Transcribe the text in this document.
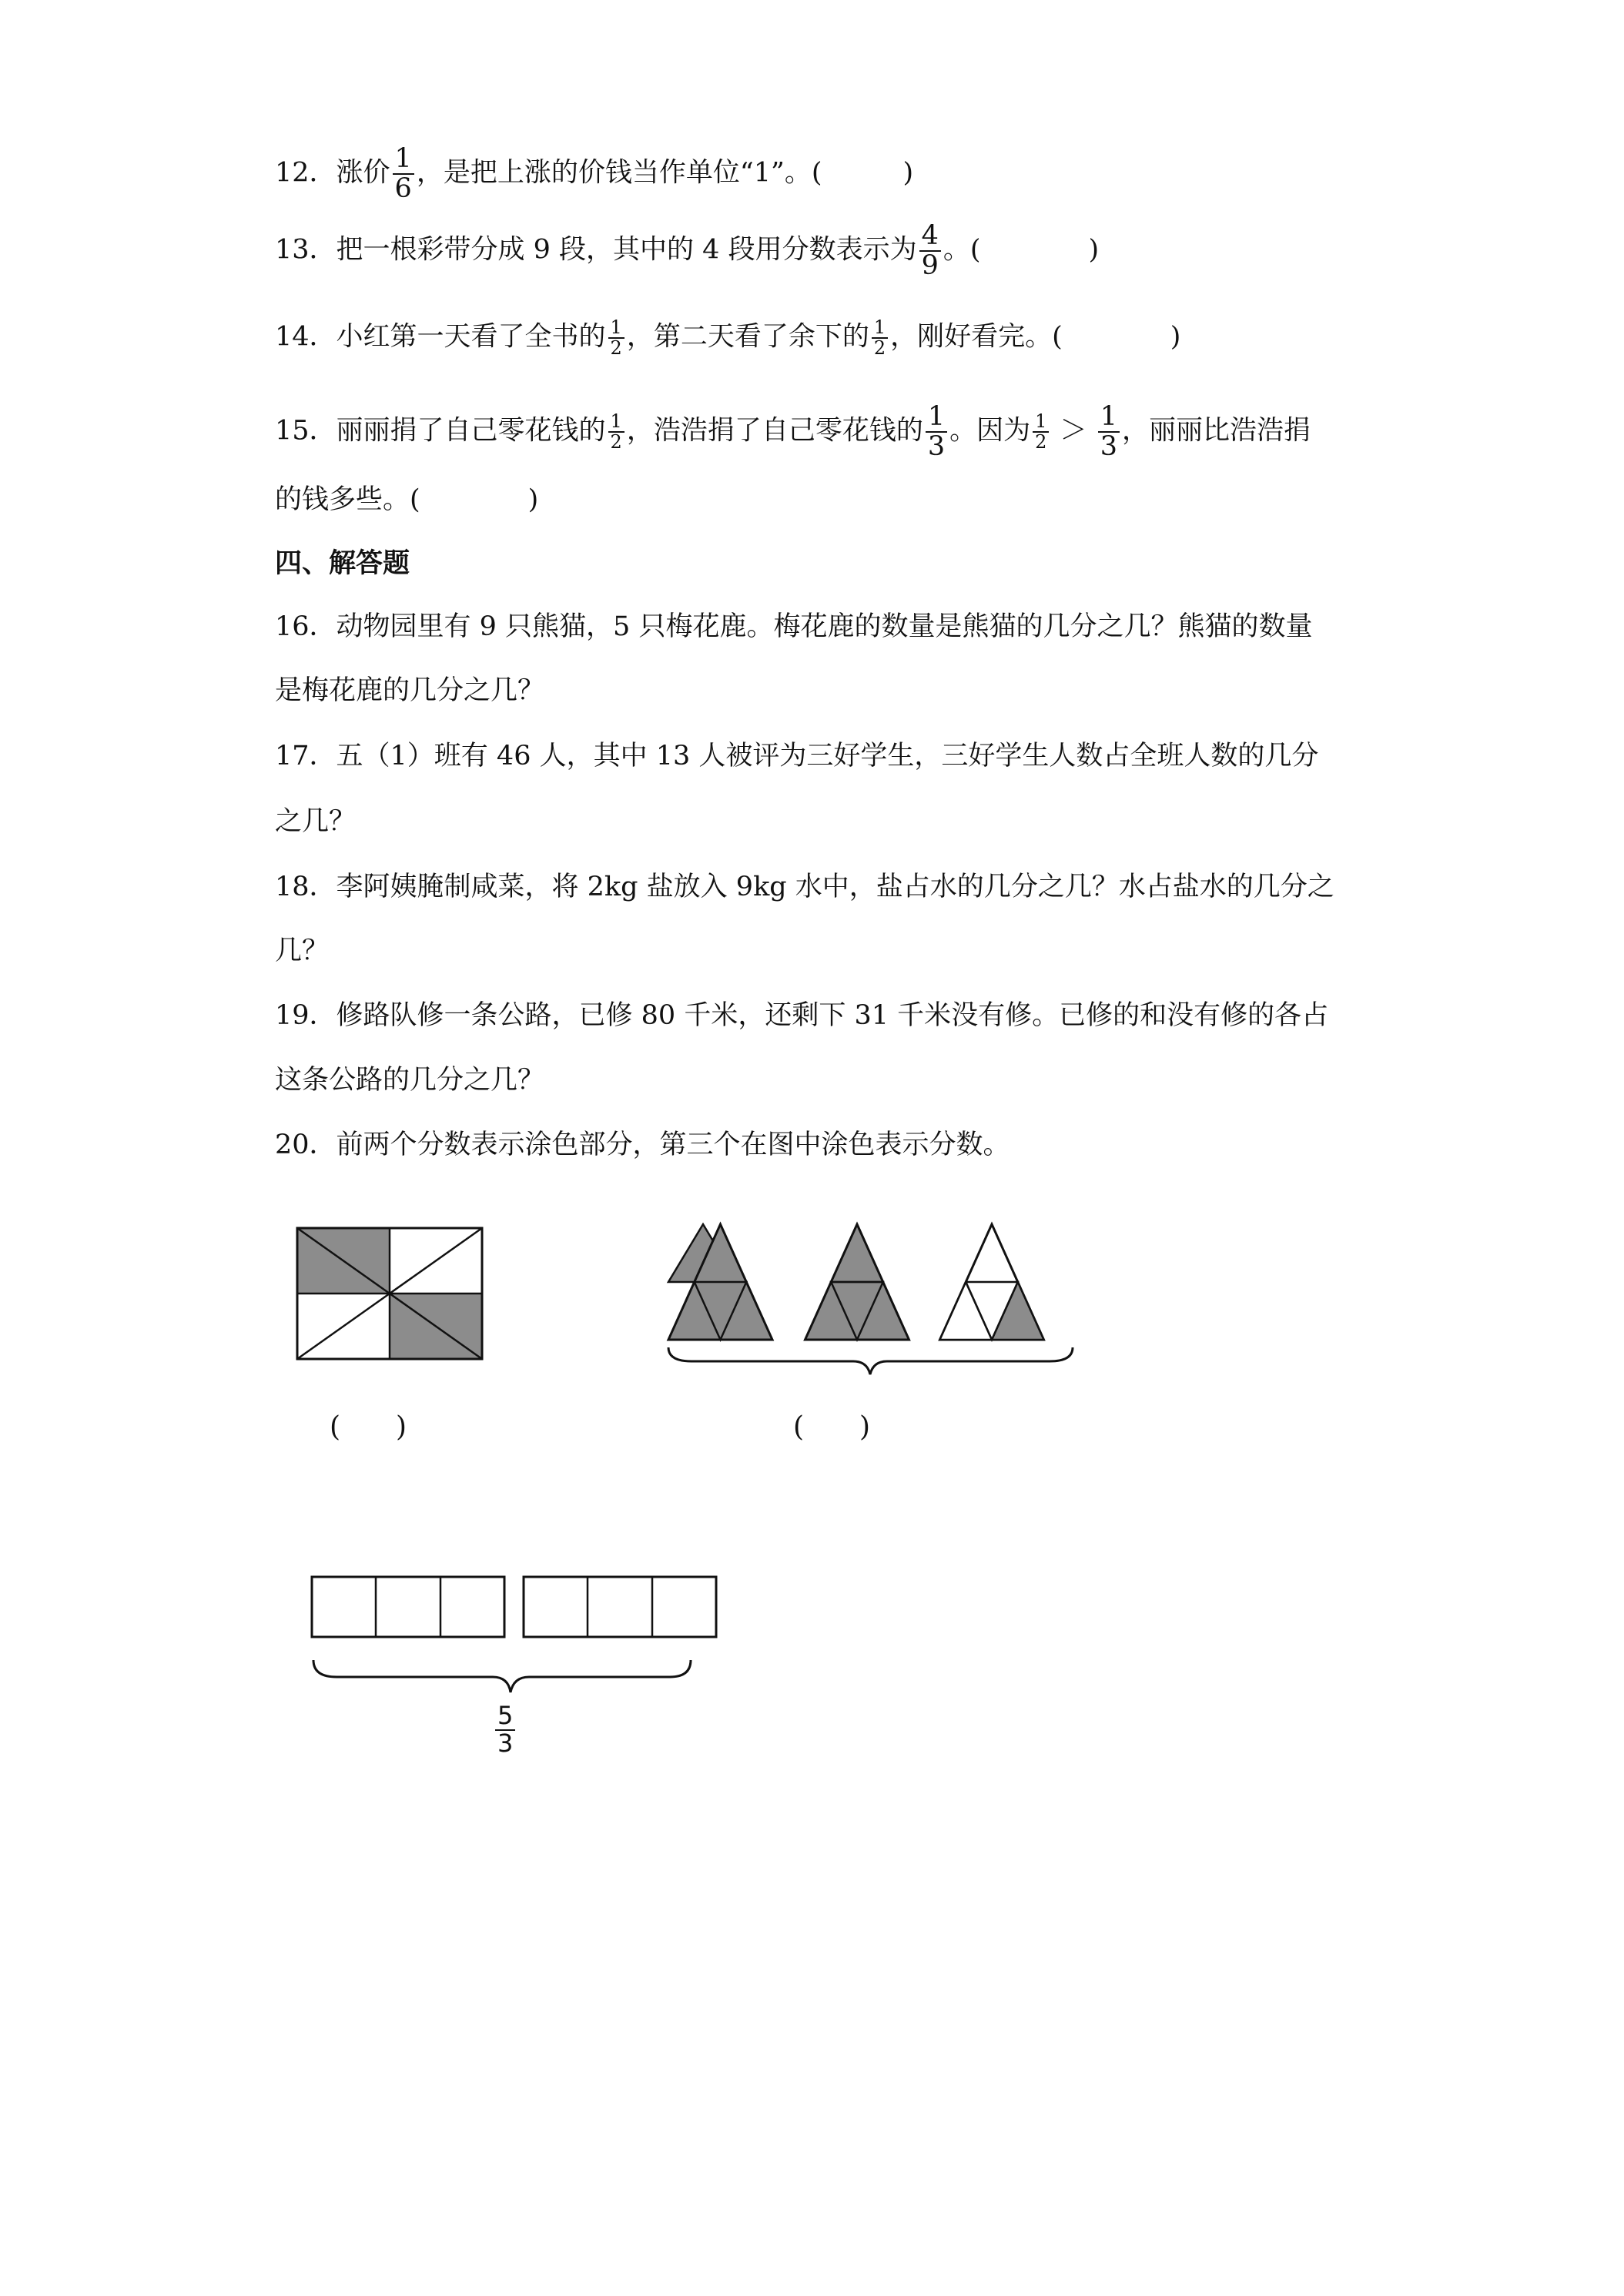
12．涨价 $\frac{1}{6}$ ，是把上涨的价钱当作单位“1”。(　　　)
13．把一根彩带分成 9 段，其中的 4 段用分数表示为 $\frac{4}{9}$ 。(　　　　)
14．小红第一天看了全书的 $\frac{1}{2}$ ，第二天看了余下的 $\frac{1}{2}$ ，刚好看完。(　　　　)
15．丽丽捐了自己零花钱的 $\frac{1}{2}$ ，浩浩捐了自己零花钱的 $\frac{1}{3}$ 。因为 $\frac{1}{2} > \frac{1}{3}$ ，丽丽比浩浩捐
的钱多些。(　　　　)
四、解答题
16．动物园里有 9 只熊猫，5 只梅花鹿。梅花鹿的数量是熊猫的几分之几？熊猫的数量
是梅花鹿的几分之几？
17．五（1）班有 46 人，其中 13 人被评为三好学生，三好学生人数占全班人数的几分
之几？
18．李阿姨腌制咸菜，将 2kg 盐放入 9kg 水中，盐占水的几分之几？水占盐水的几分之
几？
19．修路队修一条公路，已修 80 千米，还剩下 31 千米没有修。已修的和没有修的各占
这条公路的几分之几？
20．前两个分数表示涂色部分，第三个在图中涂色表示分数。
(　　)	(　　)
$\frac{5}{3}$
